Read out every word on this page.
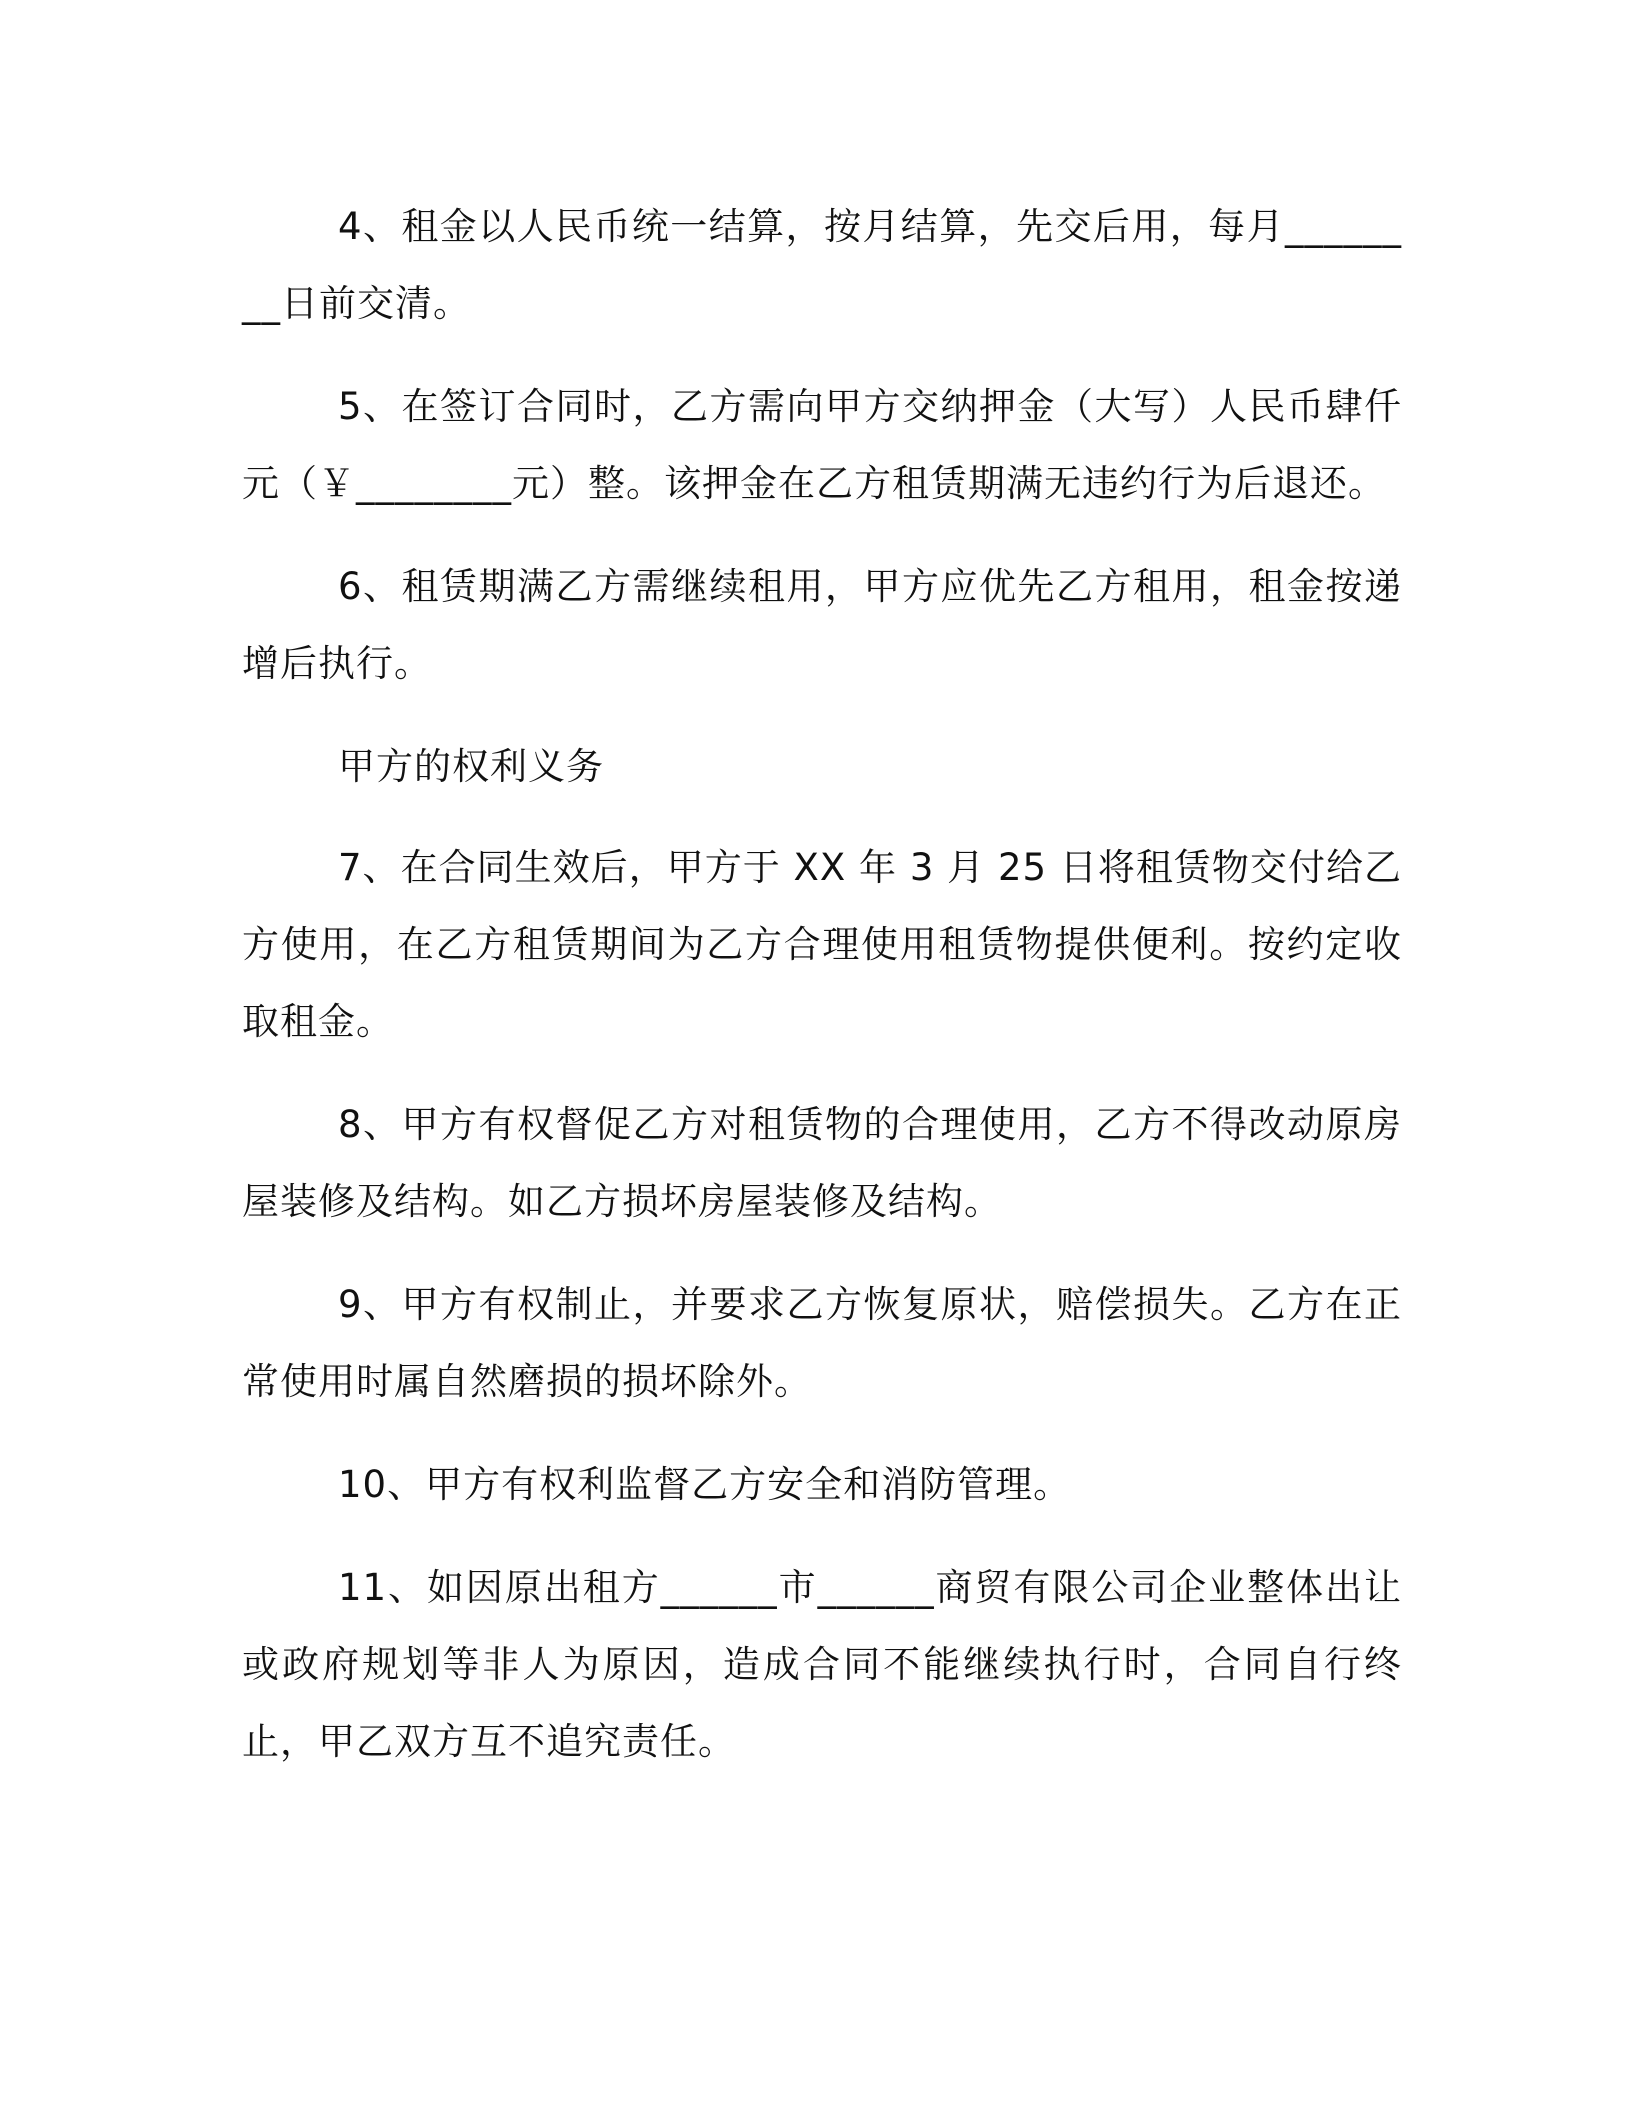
4、租金以人民币统一结算，按月结算，先交后用，每月________日前交清。

5、在签订合同时，乙方需向甲方交纳押金（大写）人民币肆仟元（￥________元）整。该押金在乙方租赁期满无违约行为后退还。

6、租赁期满乙方需继续租用，甲方应优先乙方租用，租金按递增后执行。

甲方的权利义务

7、在合同生效后，甲方于 XX 年 3 月 25 日将租赁物交付给乙方使用，在乙方租赁期间为乙方合理使用租赁物提供便利。按约定收取租金。

8、甲方有权督促乙方对租赁物的合理使用，乙方不得改动原房屋装修及结构。如乙方损坏房屋装修及结构。

9、甲方有权制止，并要求乙方恢复原状，赔偿损失。乙方在正常使用时属自然磨损的损坏除外。

10、甲方有权利监督乙方安全和消防管理。

11、如因原出租方______市______商贸有限公司企业整体出让或政府规划等非人为原因，造成合同不能继续执行时，合同自行终止，甲乙双方互不追究责任。
